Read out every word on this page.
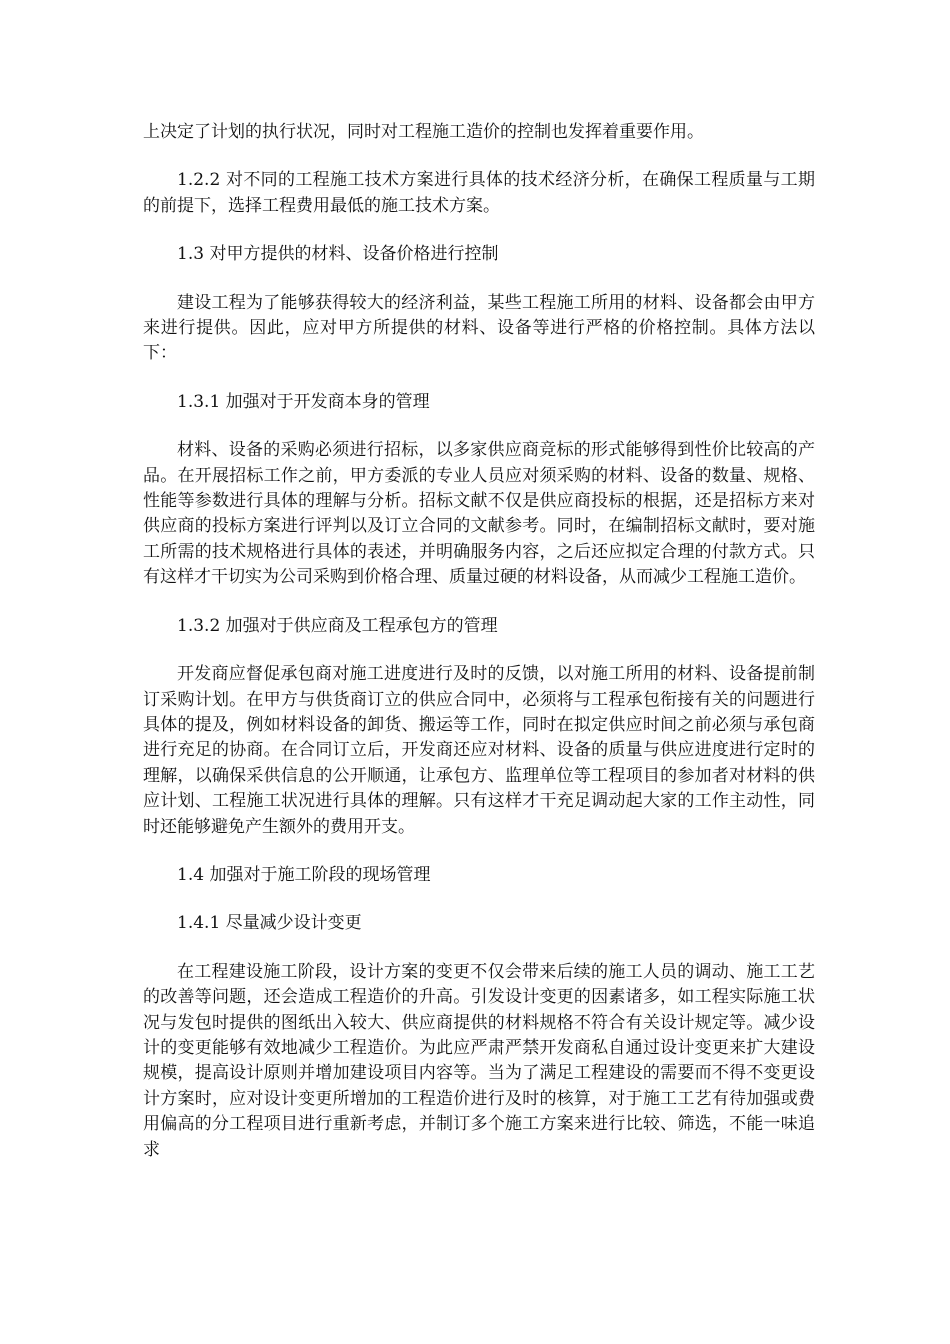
上决定了计划的执行状况，同时对工程施工造价的控制也发挥着重要作用。

1.2.2 对不同的工程施工技术方案进行具体的技术经济分析，在确保工程质量与工期的前提下，选择工程费用最低的施工技术方案。

1.3 对甲方提供的材料、设备价格进行控制

建设工程为了能够获得较大的经济利益，某些工程施工所用的材料、设备都会由甲方来进行提供。因此，应对甲方所提供的材料、设备等进行严格的价格控制。具体方法以下：

1.3.1 加强对于开发商本身的管理

材料、设备的采购必须进行招标，以多家供应商竞标的形式能够得到性价比较高的产品。在开展招标工作之前，甲方委派的专业人员应对须采购的材料、设备的数量、规格、性能等参数进行具体的理解与分析。招标文献不仅是供应商投标的根据，还是招标方来对供应商的投标方案进行评判以及订立合同的文献参考。同时，在编制招标文献时，要对施工所需的技术规格进行具体的表述，并明确服务内容，之后还应拟定合理的付款方式。只有这样才干切实为公司采购到价格合理、质量过硬的材料设备，从而减少工程施工造价。

1.3.2 加强对于供应商及工程承包方的管理

开发商应督促承包商对施工进度进行及时的反馈，以对施工所用的材料、设备提前制订采购计划。在甲方与供货商订立的供应合同中，必须将与工程承包衔接有关的问题进行具体的提及，例如材料设备的卸货、搬运等工作，同时在拟定供应时间之前必须与承包商进行充足的协商。在合同订立后，开发商还应对材料、设备的质量与供应进度进行定时的理解，以确保采供信息的公开顺通，让承包方、监理单位等工程项目的参加者对材料的供应计划、工程施工状况进行具体的理解。只有这样才干充足调动起大家的工作主动性，同时还能够避免产生额外的费用开支。

1.4 加强对于施工阶段的现场管理

1.4.1 尽量减少设计变更

在工程建设施工阶段，设计方案的变更不仅会带来后续的施工人员的调动、施工工艺的改善等问题，还会造成工程造价的升高。引发设计变更的因素诸多，如工程实际施工状况与发包时提供的图纸出入较大、供应商提供的材料规格不符合有关设计规定等。减少设计的变更能够有效地减少工程造价。为此应严肃严禁开发商私自通过设计变更来扩大建设规模，提高设计原则并增加建设项目内容等。当为了满足工程建设的需要而不得不变更设计方案时，应对设计变更所增加的工程造价进行及时的核算，对于施工工艺有待加强或费用偏高的分工程项目进行重新考虑，并制订多个施工方案来进行比较、筛选，不能一味追求
